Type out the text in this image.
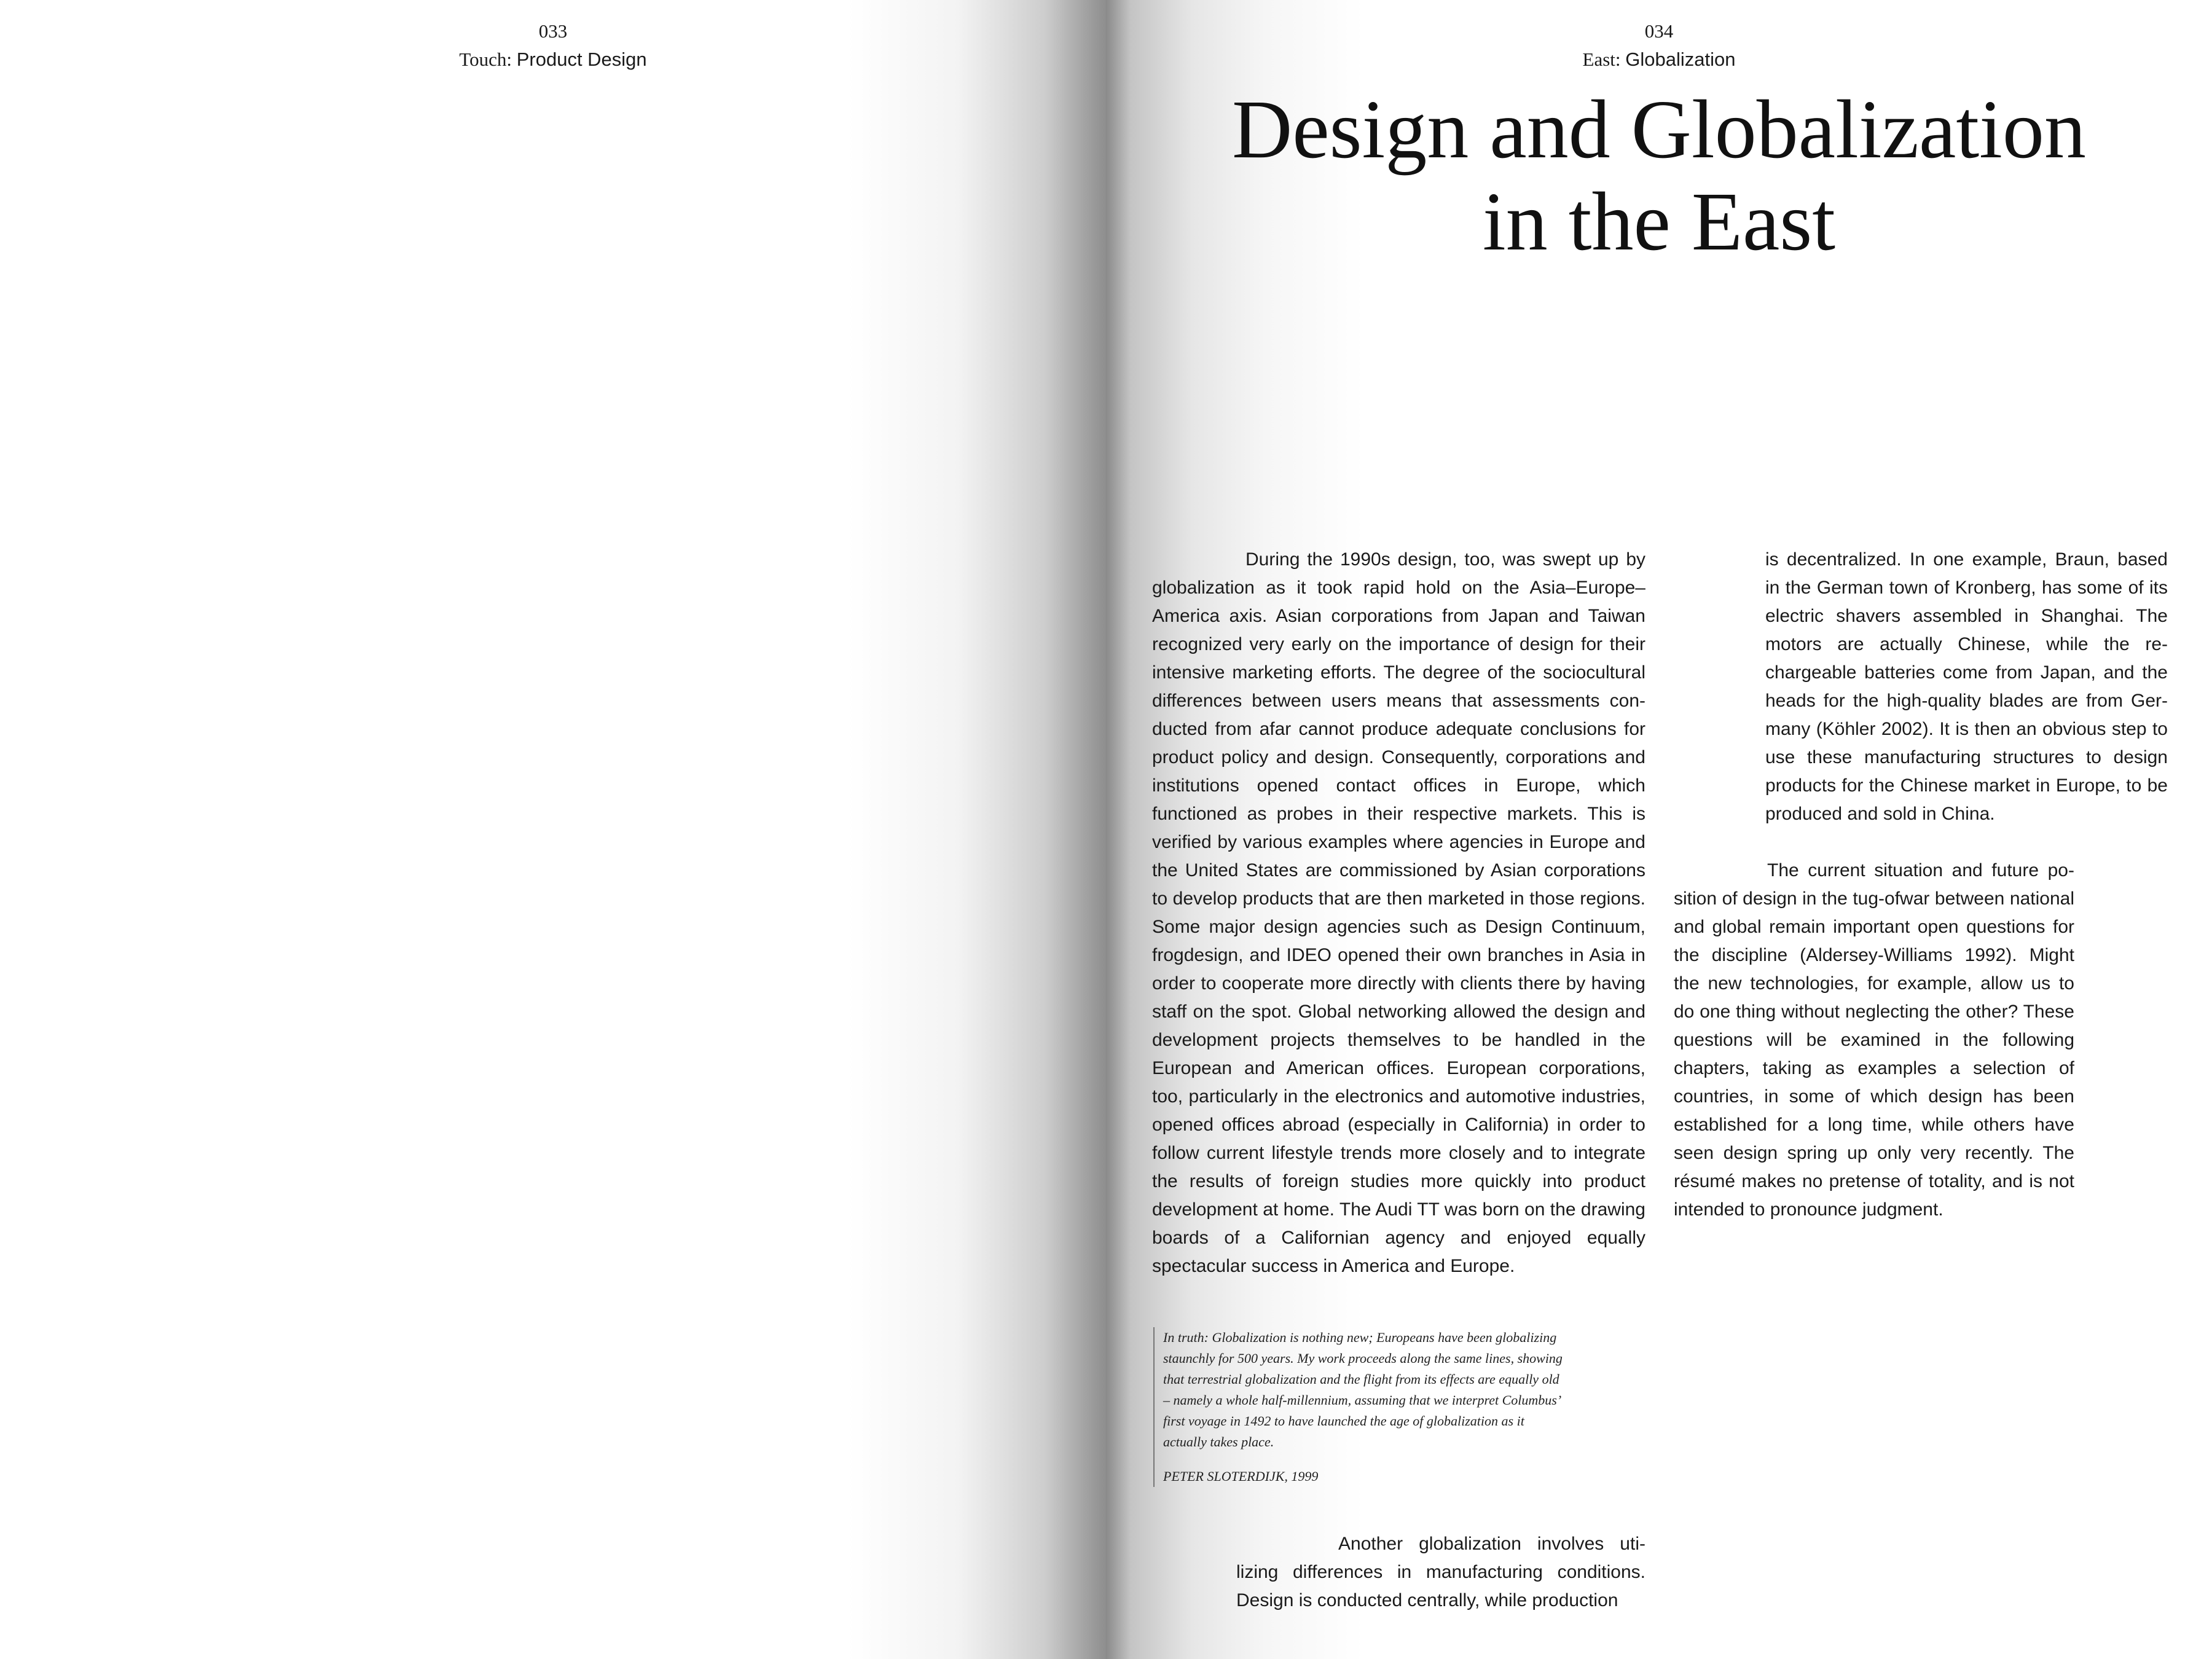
033
Touch: Product Design
034
East: Globalization
Design and Globalization
in the East

During the 1990s design, too, was swept up by globalization as it took rapid hold on the Asia–Europe–America axis. Asian corporations from Japan and Taiwan recognized very early on the importance of design for their intensive marketing efforts. The degree of the sociocultural differences between users means that assessments conducted from afar cannot produce adequate conclusions for product policy and design. Consequently, corporations and institutions opened contact offices in Europe, which functioned as probes in their respective markets. This is verified by various examples where agencies in Europe and the United States are commissioned by Asian corporations to develop products that are then marketed in those regions. Some major design agencies such as Design Continuum, frogdesign, and IDEO opened their own branches in Asia in order to cooperate more directly with clients there by having staff on the spot. Global networking allowed the design and development projects themselves to be handled in the European and American offices. European corporations, too, particularly in the electronics and automotive industries, opened offices abroad (especially in California) in order to follow current lifestyle trends more closely and to integrate the results of foreign studies more quickly into product development at home. The Audi TT was born on the drawing boards of a Californian agency and enjoyed equally spectacular success in America and Europe.

In truth: Globalization is nothing new; Europeans have been globalizing staunchly for 500 years. My work proceeds along the same lines, showing that terrestrial globalization and the flight from its effects are equally old – namely a whole half-millennium, assuming that we interpret Columbus’ first voyage in 1492 to have launched the age of globalization as it actually takes place.

PETER SLOTERDIJK, 1999

Another globalization involves utilizing differences in manufacturing conditions. Design is conducted centrally, while production

is decentralized. In one example, Braun, based in the German town of Kronberg, has some of its electric shavers assembled in Shanghai. The motors are actually Chinese, while the rechargeable batteries come from Japan, and the heads for the high-quality blades are from Germany (Köhler 2002). It is then an obvious step to use these manufacturing structures to design products for the Chinese market in Europe, to be produced and sold in China.

The current situation and future position of design in the tug-ofwar between national and global remain important open questions for the discipline (Aldersey-Williams 1992). Might the new technologies, for example, allow us to do one thing without neglecting the other? These questions will be examined in the following chapters, taking as examples a selection of countries, in some of which design has been established for a long time, while others have seen design spring up only very recently. The résumé makes no pretense of totality, and is not intended to pronounce judgment.
